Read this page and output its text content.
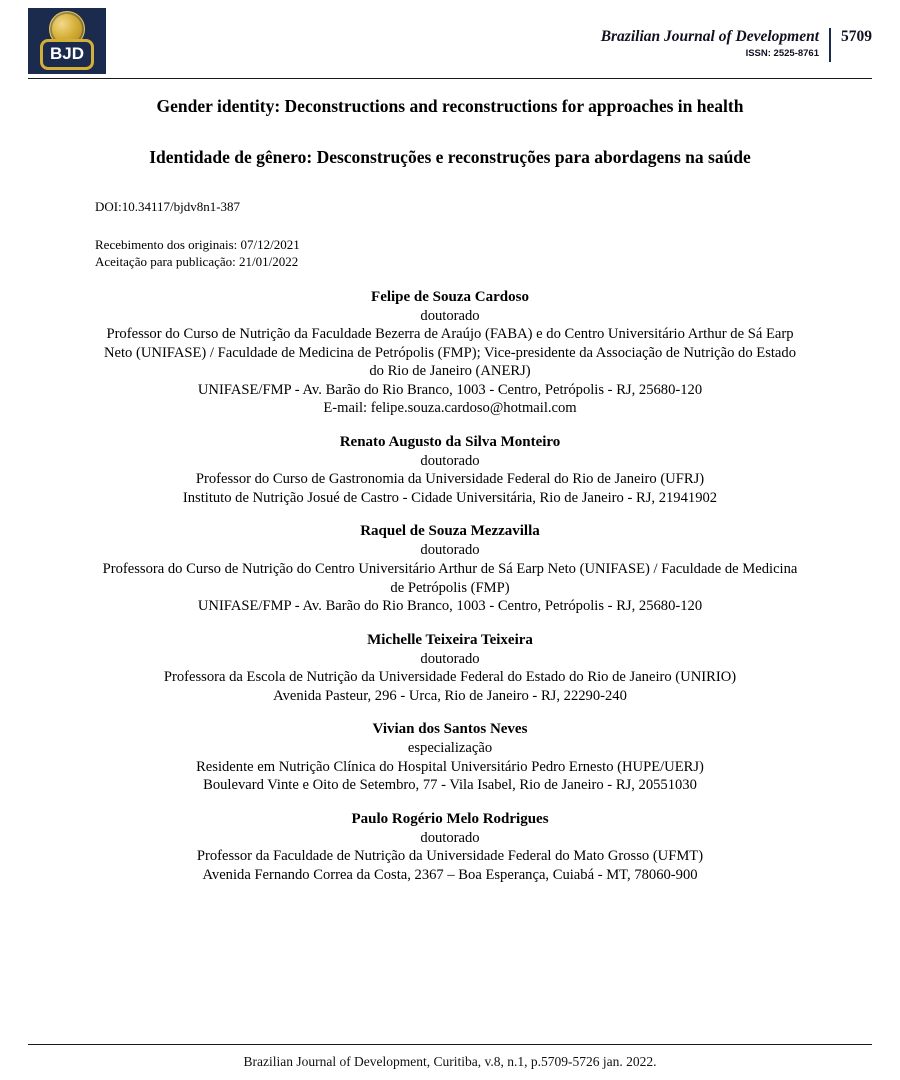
BJD
Brazilian Journal of Development
ISSN: 2525-8761
5709
Gender identity: Deconstructions and reconstructions for approaches in health
Identidade de gênero: Desconstruções e reconstruções para abordagens na saúde

DOI:10.34117/bjdv8n1-387

Recebimento dos originais: 07/12/2021
Aceitação para publicação: 21/01/2022

Felipe de Souza Cardoso

doutorado

Professor do Curso de Nutrição da Faculdade Bezerra de Araújo (FABA) e do Centro Universitário Arthur de Sá Earp Neto (UNIFASE) / Faculdade de Medicina de Petrópolis (FMP); Vice-presidente da Associação de Nutrição do Estado do Rio de Janeiro (ANERJ)

UNIFASE/FMP - Av. Barão do Rio Branco, 1003 - Centro, Petrópolis - RJ, 25680-120

E-mail: felipe.souza.cardoso@hotmail.com

Renato Augusto da Silva Monteiro

doutorado

Professor do Curso de Gastronomia da Universidade Federal do Rio de Janeiro (UFRJ)

Instituto de Nutrição Josué de Castro - Cidade Universitária, Rio de Janeiro - RJ, 21941902

Raquel de Souza Mezzavilla

doutorado

Professora do Curso de Nutrição do Centro Universitário Arthur de Sá Earp Neto (UNIFASE) / Faculdade de Medicina de Petrópolis (FMP)

UNIFASE/FMP - Av. Barão do Rio Branco, 1003 - Centro, Petrópolis - RJ, 25680-120

Michelle Teixeira Teixeira

doutorado

Professora da Escola de Nutrição da Universidade Federal do Estado do Rio de Janeiro (UNIRIO)

Avenida Pasteur, 296 - Urca, Rio de Janeiro - RJ, 22290-240

Vivian dos Santos Neves

especialização

Residente em Nutrição Clínica do Hospital Universitário Pedro Ernesto (HUPE/UERJ)

Boulevard Vinte e Oito de Setembro, 77 - Vila Isabel, Rio de Janeiro - RJ, 20551030

Paulo Rogério Melo Rodrigues

doutorado

Professor da Faculdade de Nutrição da Universidade Federal do Mato Grosso (UFMT)

Avenida Fernando Correa da Costa, 2367 – Boa Esperança, Cuiabá - MT, 78060-900

Brazilian Journal of Development, Curitiba, v.8, n.1, p.5709-5726 jan. 2022.
